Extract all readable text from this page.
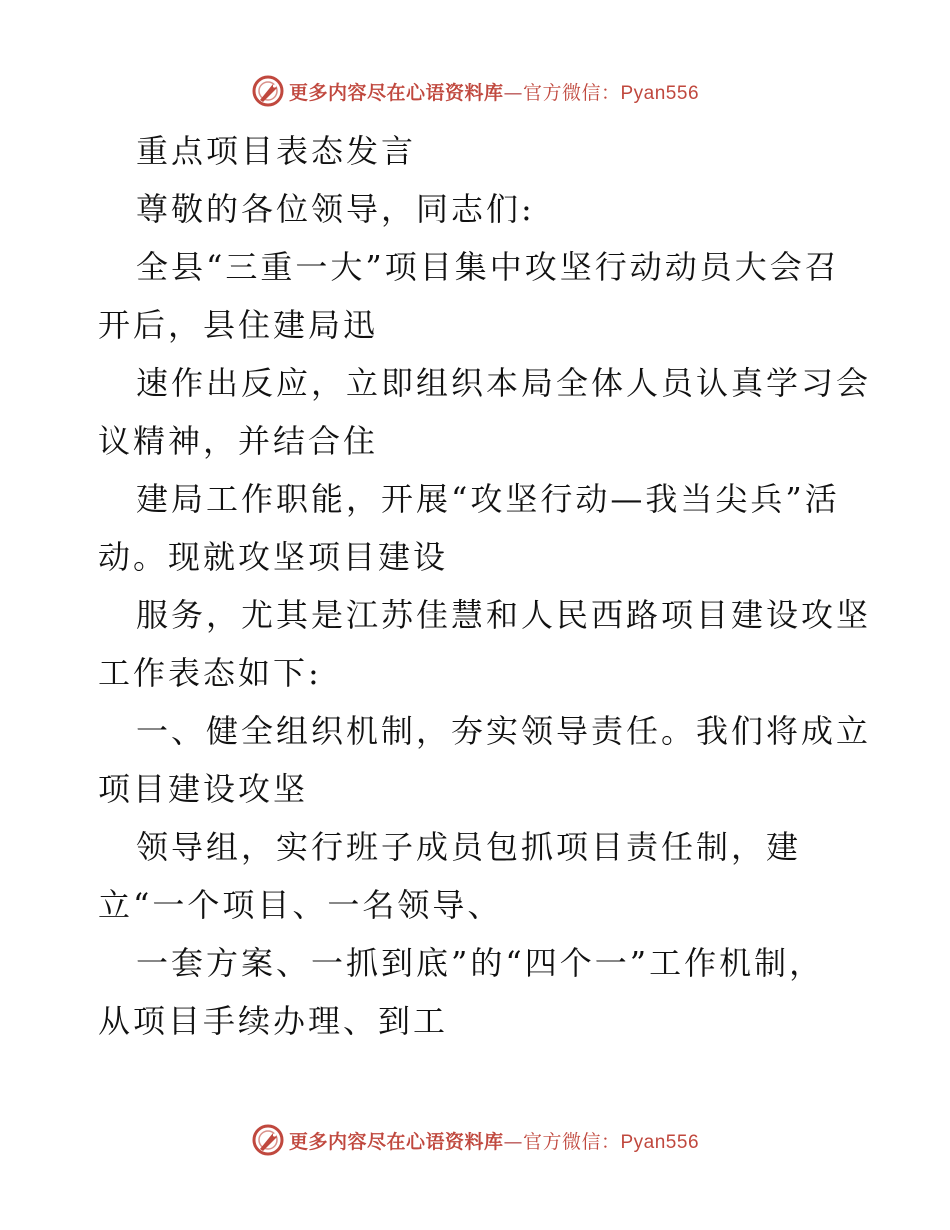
更多内容尽在心语资料库—官方微信：Pyan556

重点项目表态发言

尊敬的各位领导，同志们:

全县“三重一大”项目集中攻坚行动动员大会召

开后，县住建局迅

速作出反应，立即组织本局全体人员认真学习会

议精神，并结合住

建局工作职能，开展“攻坚行动—我当尖兵”活

动。现就攻坚项目建设

服务，尤其是江苏佳慧和人民西路项目建设攻坚

工作表态如下:

一、健全组织机制，夯实领导责任。我们将成立

项目建设攻坚

领导组，实行班子成员包抓项目责任制，建

立“一个项目、一名领导、

一套方案、一抓到底”的“四个一”工作机制，

从项目手续办理、到工

更多内容尽在心语资料库—官方微信：Pyan556
